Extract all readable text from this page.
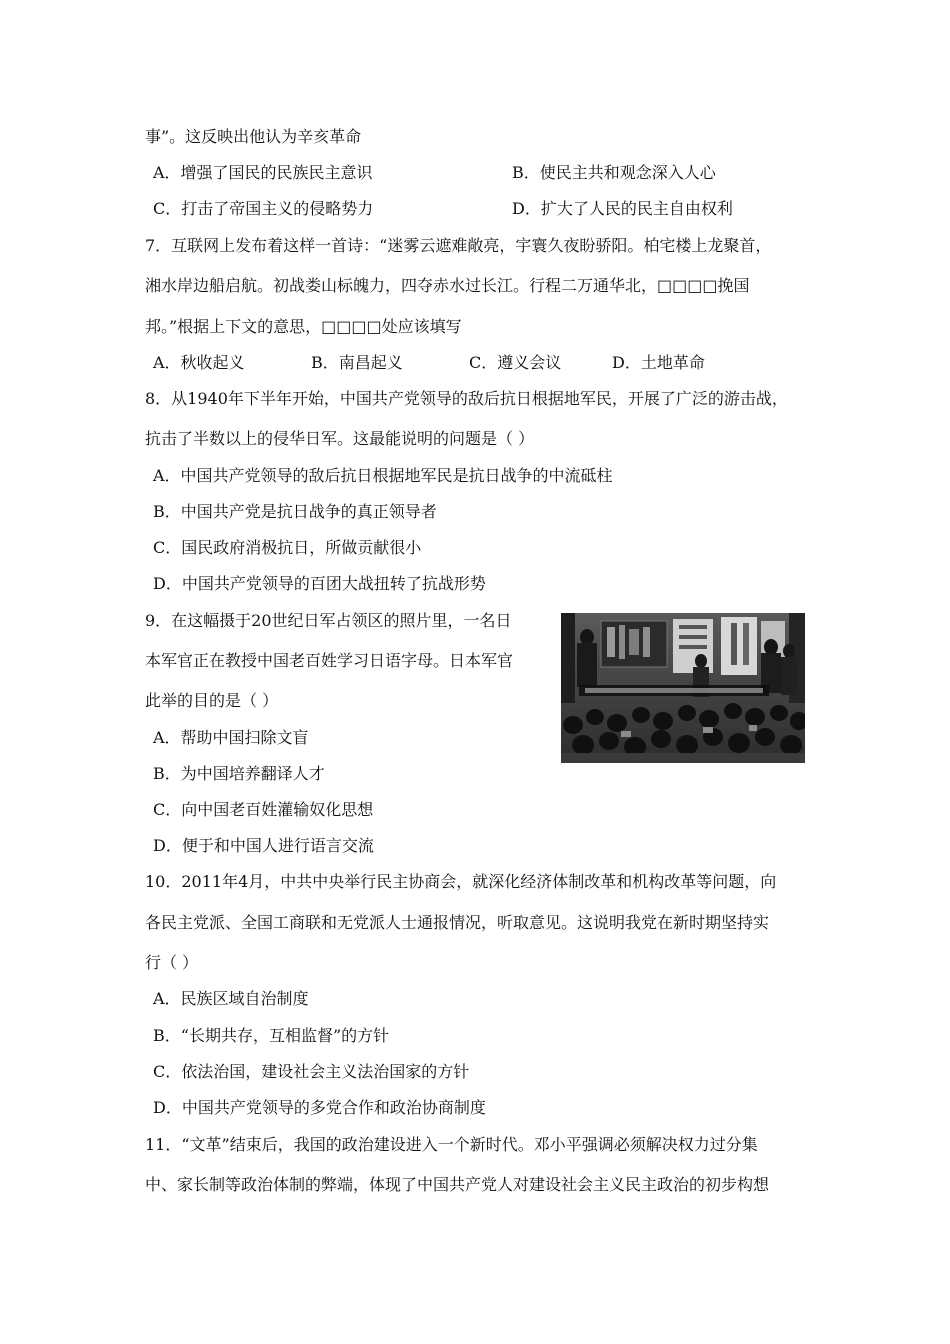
事”。这反映出他认为辛亥革命
A．增强了国民的民族民主意识	B．使民主共和观念深入人心
C．打击了帝国主义的侵略势力	D．扩大了人民的民主自由权利
7．互联网上发布着这样一首诗：“迷雾云遮难敞亮，宇寰久夜盼骄阳。柏宅楼上龙聚首，
湘水岸边船启航。初战娄山标魄力，四夺赤水过长江。行程二万通华北，□□□□挽国
邦。”根据上下文的意思，□□□□处应该填写
A．秋收起义	B．南昌起义	C．遵义会议	D．土地革命
8．从1940年下半年开始，中国共产党领导的敌后抗日根据地军民，开展了广泛的游击战，
抗击了半数以上的侵华日军。这最能说明的问题是（ ）
A．中国共产党领导的敌后抗日根据地军民是抗日战争的中流砥柱
B．中国共产党是抗日战争的真正领导者
C．国民政府消极抗日，所做贡献很小
D．中国共产党领导的百团大战扭转了抗战形势
9．在这幅摄于20世纪日军占领区的照片里，一名日
本军官正在教授中国老百姓学习日语字母。日本军官
此举的目的是（ ）
A．帮助中国扫除文盲
B．为中国培养翻译人才
C．向中国老百姓灌输奴化思想
D．便于和中国人进行语言交流
10．2011年4月，中共中央举行民主协商会，就深化经济体制改革和机构改革等问题，向
各民主党派、全国工商联和无党派人士通报情况，听取意见。这说明我党在新时期坚持实
行（ ）
A．民族区域自治制度
B．“长期共存，互相监督”的方针
C．依法治国，建设社会主义法治国家的方针
D．中国共产党领导的多党合作和政治协商制度
11．“文革”结束后，我国的政治建设进入一个新时代。邓小平强调必须解决权力过分集
中、家长制等政治体制的弊端，体现了中国共产党人对建设社会主义民主政治的初步构想
